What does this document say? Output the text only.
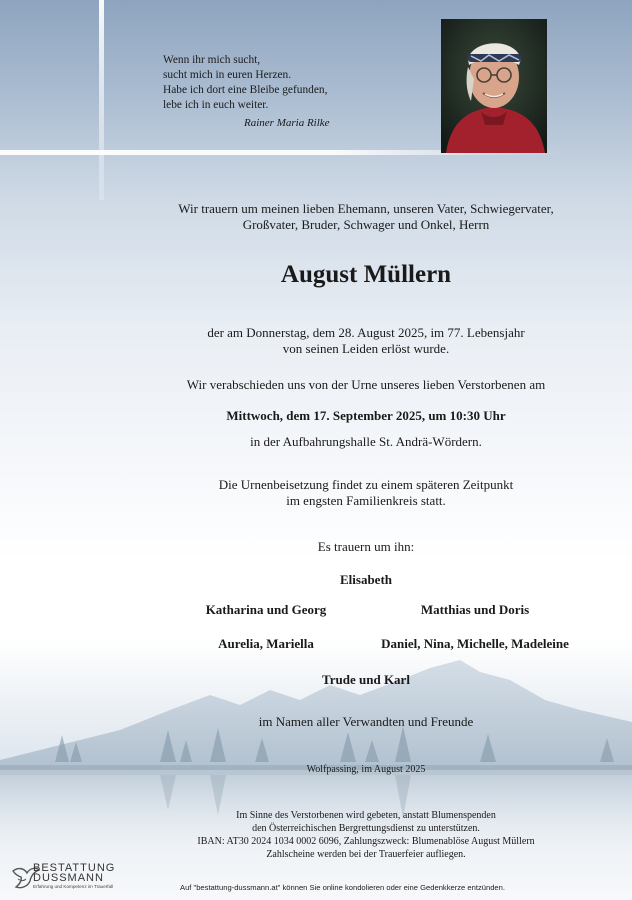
Wenn ihr mich sucht,
sucht mich in euren Herzen.
Habe ich dort eine Bleibe gefunden,
lebe ich in euch weiter.
Rainer Maria Rilke
Wir trauern um meinen lieben Ehemann, unseren Vater, Schwiegervater,
Großvater, Bruder, Schwager und Onkel, Herrn
August Müllern
der am Donnerstag, dem 28. August 2025, im 77. Lebensjahr
von seinen Leiden erlöst wurde.
Wir verabschieden uns von der Urne unseres lieben Verstorbenen am
Mittwoch, dem 17. September 2025, um 10:30 Uhr
in der Aufbahrungshalle St. Andrä-Wördern.
Die Urnenbeisetzung findet zu einem späteren Zeitpunkt
im engsten Familienkreis statt.
Es trauern um ihn:
Elisabeth
Katharina und Georg	Matthias und Doris
Aurelia, Mariella	Daniel, Nina, Michelle, Madeleine
Trude und Karl
im Namen aller Verwandten und Freunde
Wolfpassing, im August 2025
Im Sinne des Verstorbenen wird gebeten, anstatt Blumenspenden
den Österreichischen Bergrettungsdienst zu unterstützen.
IBAN: AT30 2024 1034 0002 6096, Zahlungszweck: Blumenablöse August Müllern
Zahlscheine werden bei der Trauerfeier aufliegen.
BESTATTUNG
DUSSMANN
Erfahrung und Kompetenz im Trauerfall	Auf "bestattung-dussmann.at" können Sie online kondolieren oder eine Gedenkkerze entzünden.
